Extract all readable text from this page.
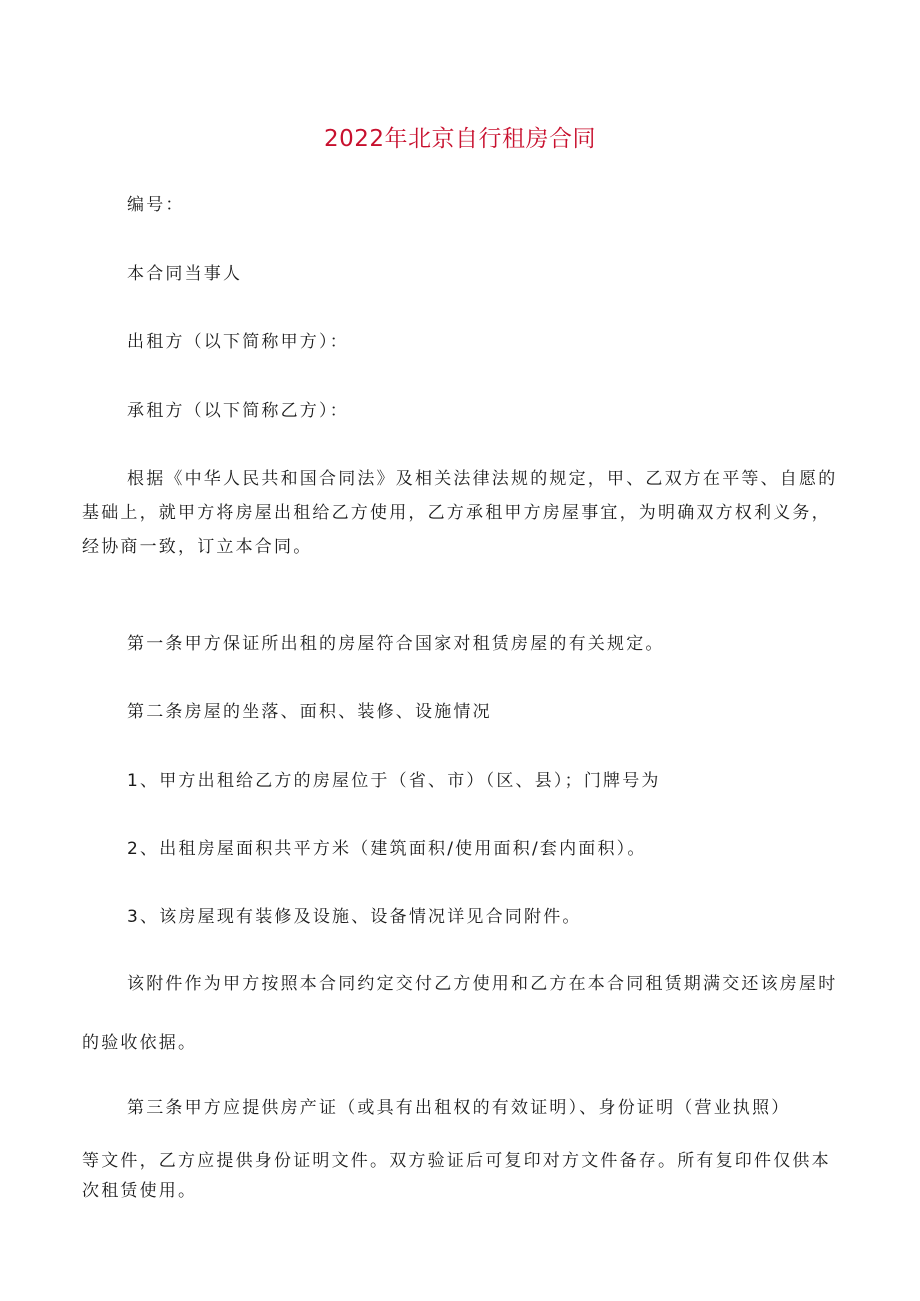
2022年北京自行租房合同
编号：
本合同当事人
出租方（以下简称甲方）：
承租方（以下简称乙方）：
根据《中华人民共和国合同法》及相关法律法规的规定，甲、乙双方在平等、自愿的基础上，就甲方将房屋出租给乙方使用，乙方承租甲方房屋事宜，为明确双方权利义务，经协商一致，订立本合同。
第一条甲方保证所出租的房屋符合国家对租赁房屋的有关规定。
第二条房屋的坐落、面积、装修、设施情况
1、甲方出租给乙方的房屋位于（省、市）（区、县）；门牌号为
2、出租房屋面积共平方米（建筑面积/使用面积/套内面积）。
3、该房屋现有装修及设施、设备情况详见合同附件。
该附件作为甲方按照本合同约定交付乙方使用和乙方在本合同租赁期满交还该房屋时的验收依据。
第三条甲方应提供房产证（或具有出租权的有效证明）、身份证明（营业执照）
等文件，乙方应提供身份证明文件。双方验证后可复印对方文件备存。所有复印件仅供本次租赁使用。
